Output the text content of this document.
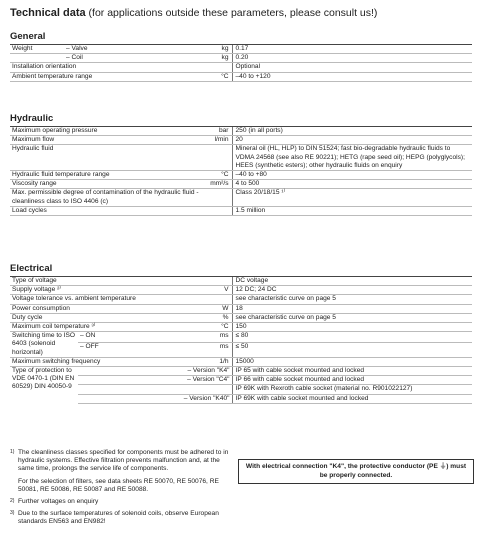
Technical data (for applications outside these parameters, please consult us!)
General
Weight	– Valve	kg	0.17
	– Coil	kg	0.20
Installation orientation			Optional
Ambient temperature range		°C	–40 to +120
Hydraulic
Maximum operating pressure	bar	250 (in all ports)
Maximum flow	l/min	20
Hydraulic fluid		Mineral oil (HL, HLP) to DIN 51524; fast bio-degradable hydraulic fluids to VDMA 24568 (see also RE 90221); HETG (rape seed oil); HEPG (polyglycols); HEES (synthetic esters); other hydraulic fluids on enquiry
Hydraulic fluid temperature range	°C	–40 to +80
Viscosity range	mm²/s	4 to 500
Max. permissible degree of contamination of the hydraulic fluid - cleanliness class to ISO 4406 (c)		Class 20/18/15 ¹⁾
Load cycles		1.5 million
Electrical
Type of voltage			DC voltage
Supply voltage ²⁾		V	12 DC; 24 DC
Voltage tolerance vs. ambient temperature			see characteristic curve on page 5
Power consumption		W	18
Duty cycle		%	see characteristic curve on page 5
Maximum coil temperature ³⁾		°C	150
Switching time to ISO 6403 (solenoid horizontal)	– ON	ms	≤ 80
	– OFF	ms	≤ 50
Maximum switching frequency		1/h	15000
Type of protection to VDE 0470-1 (DIN EN 60529) DIN 40050-9	– Version "K4"		IP 65 with cable socket mounted and locked
	– Version "C4"		IP 66 with cable socket mounted and locked
			IP 69K with Rexroth cable socket (material no. R901022127)
	– Version "K40"		IP 69K with cable socket mounted and locked
1) The cleanliness classes specified for components must be adhered to in hydraulic systems. Effective filtration prevents malfunction and, at the same time, prolongs the service life of components.

For the selection of filters, see data sheets RE 50070, RE 50076, RE 50081, RE 50086, RE 50087 and RE 50088.

2) Further voltages on enquiry
3) Due to the surface temperatures of solenoid coils, observe European standards EN563 and EN982!
With electrical connection "K4", the protective conductor (PE ⏚) must be properly connected.
